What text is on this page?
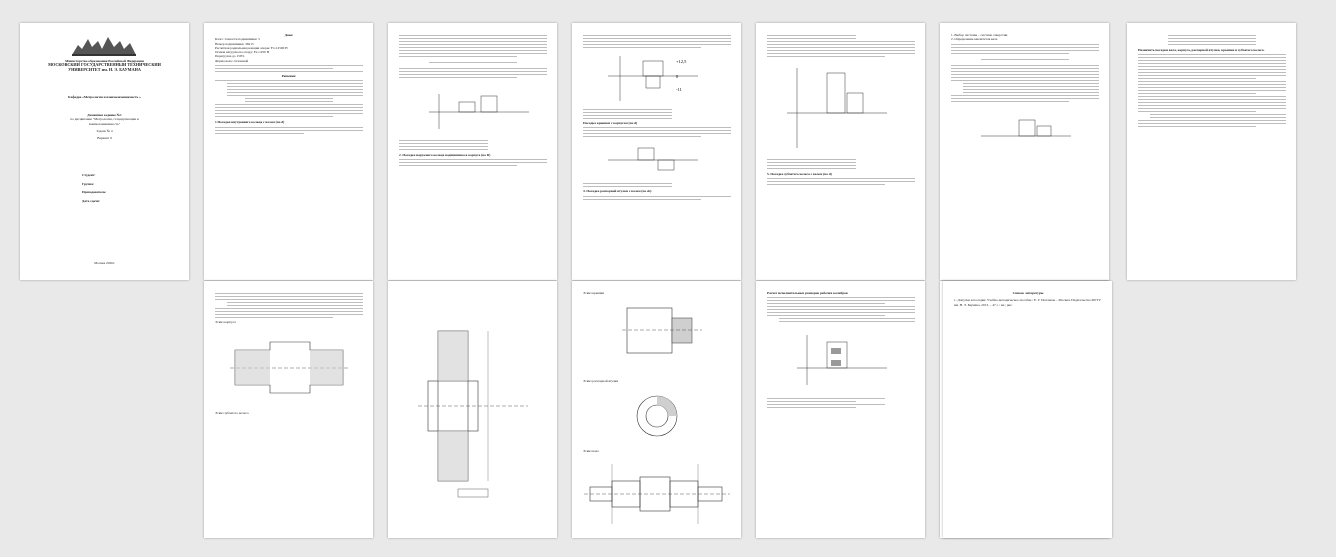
Министерство образования Российской Федерации
МОСКОВСКИЙ ГОСУДАРСТВЕННЫЙ ТЕХНИЧЕСКИЙ
УНИВЕРСИТЕТ им. Н. Э. БАУМАНА
Кафедра «Метрология и взаимозаменяемость »
Домашнее задание №1
по дисциплине "Метрология, стандартизация и
взаимозаменяемость"
Задача № 4
Вариант 9
Студент:

Группа:

Преподаватель:

Дата сдачи:
Москва 2020г.
Дано:
Класс точности подшипника: 5
Номер подшипника: 36215
Расчетная радиальная реакция опоры: Fr=12500 Н
Осевая нагрузка на опору: Fa=1250 Н
Перегрузка до 150%
Форма вала: сплошной
Решение:
1.Посадка внутреннего кольца с валом (по d)
2. Посадка наружного кольца подшипника в корпусе (по D)
+12,5
0
-11
Посадка крышки с корпусом (по d)
4. Посадка распорной втулки с валом (по ds)
5. Посадка зубчатого колеса с валом (по d)
1. Выбор системы – система отверстия.
2. Определение квалитетов вала
Назначить посадки вала, корпуса, распорной втулки, крышки и зубчатого колеса.
Эскиз корпуса
Эскиз зубчатого колеса
Эскиз крышки
Эскиз распорной втулки
Эскиз вала
Расчет исполнительных размеров рабочих калибров	Список литературы
1. Допуски и посадки: Учебно-методическое пособие / Е. Г. Поплавок – Москва: Издательство МГТУ им. Н. Э. Баумана, 2013. – 47 с.: ил.; рис.
